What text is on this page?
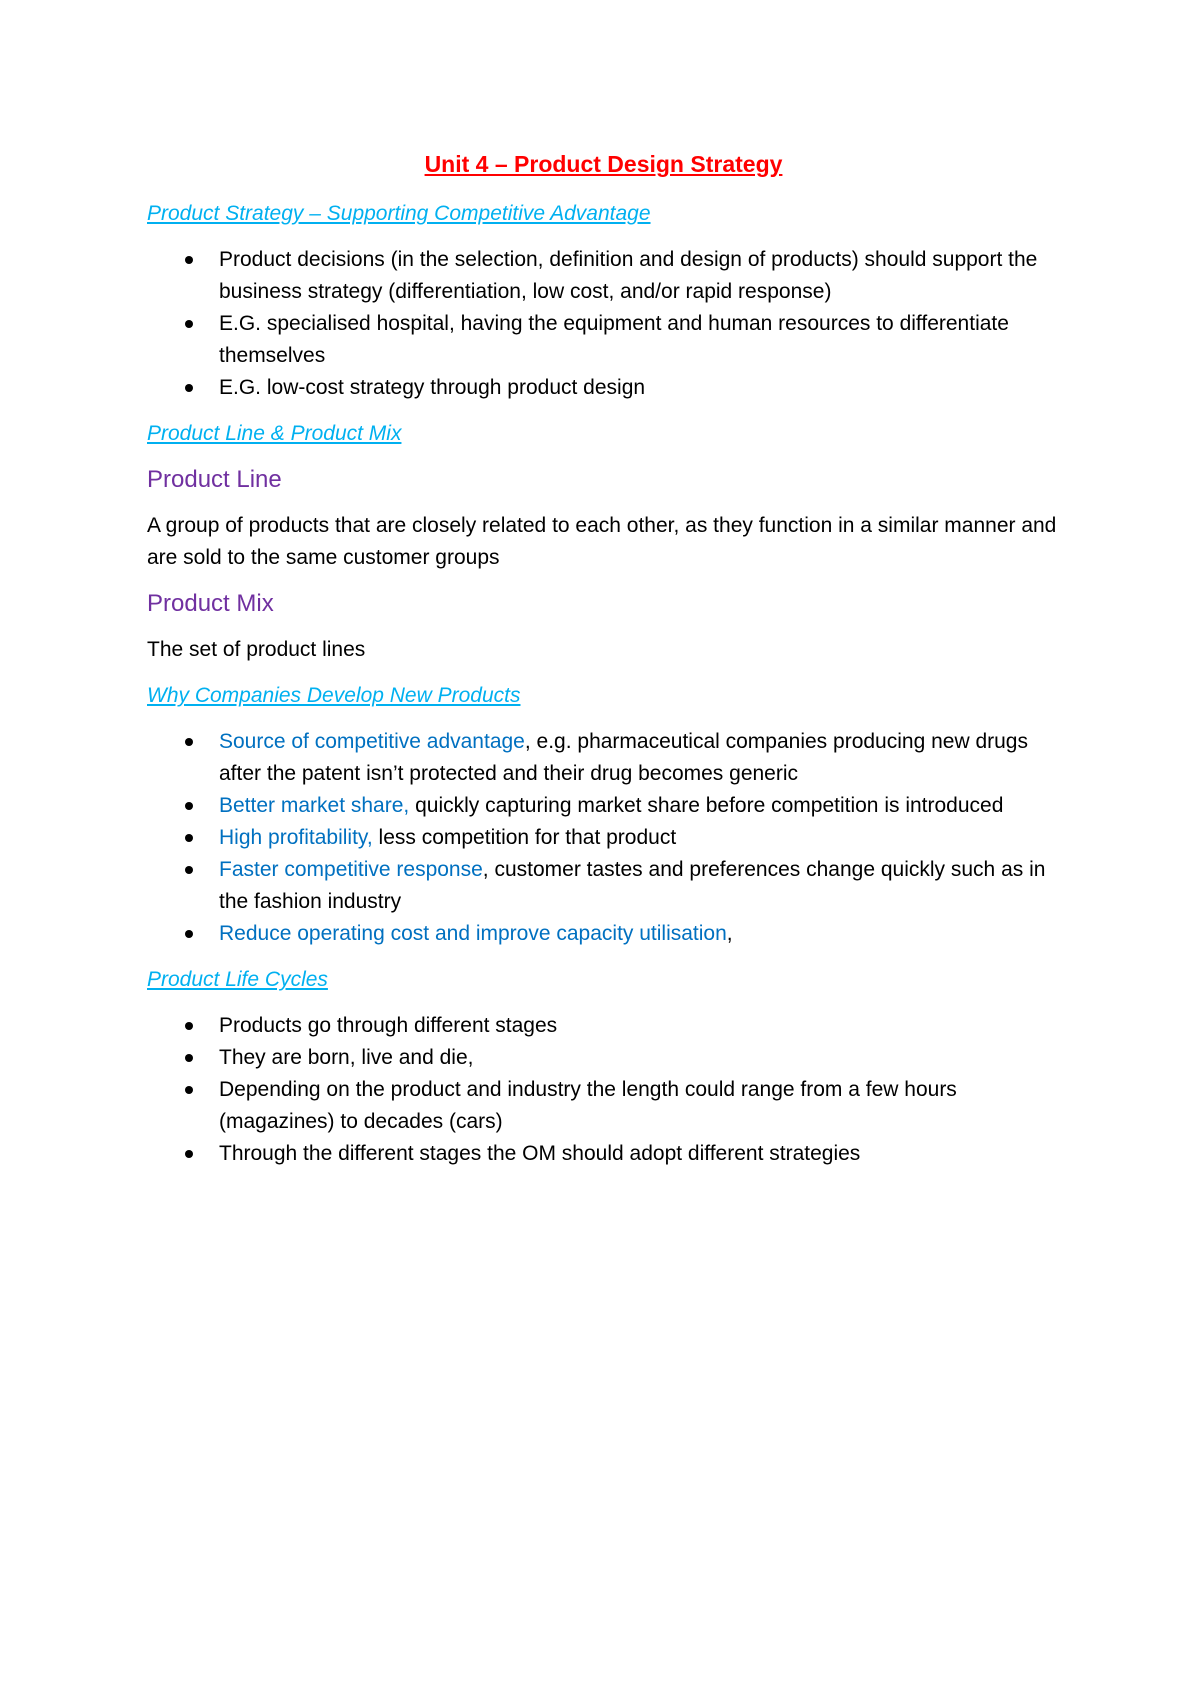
Unit 4 – Product Design Strategy
Product Strategy – Supporting Competitive Advantage
Product decisions (in the selection, definition and design of products) should support the business strategy (differentiation, low cost, and/or rapid response)
E.G. specialised hospital, having the equipment and human resources to differentiate themselves
E.G. low-cost strategy through product design
Product Line & Product Mix
Product Line
A group of products that are closely related to each other, as they function in a similar manner and are sold to the same customer groups
Product Mix
The set of product lines
Why Companies Develop New Products
Source of competitive advantage, e.g. pharmaceutical companies producing new drugs after the patent isn’t protected and their drug becomes generic
Better market share, quickly capturing market share before competition is introduced
High profitability, less competition for that product
Faster competitive response, customer tastes and preferences change quickly such as in the fashion industry
Reduce operating cost and improve capacity utilisation,
Product Life Cycles
Products go through different stages
They are born, live and die,
Depending on the product and industry the length could range from a few hours (magazines) to decades (cars)
Through the different stages the OM should adopt different strategies
